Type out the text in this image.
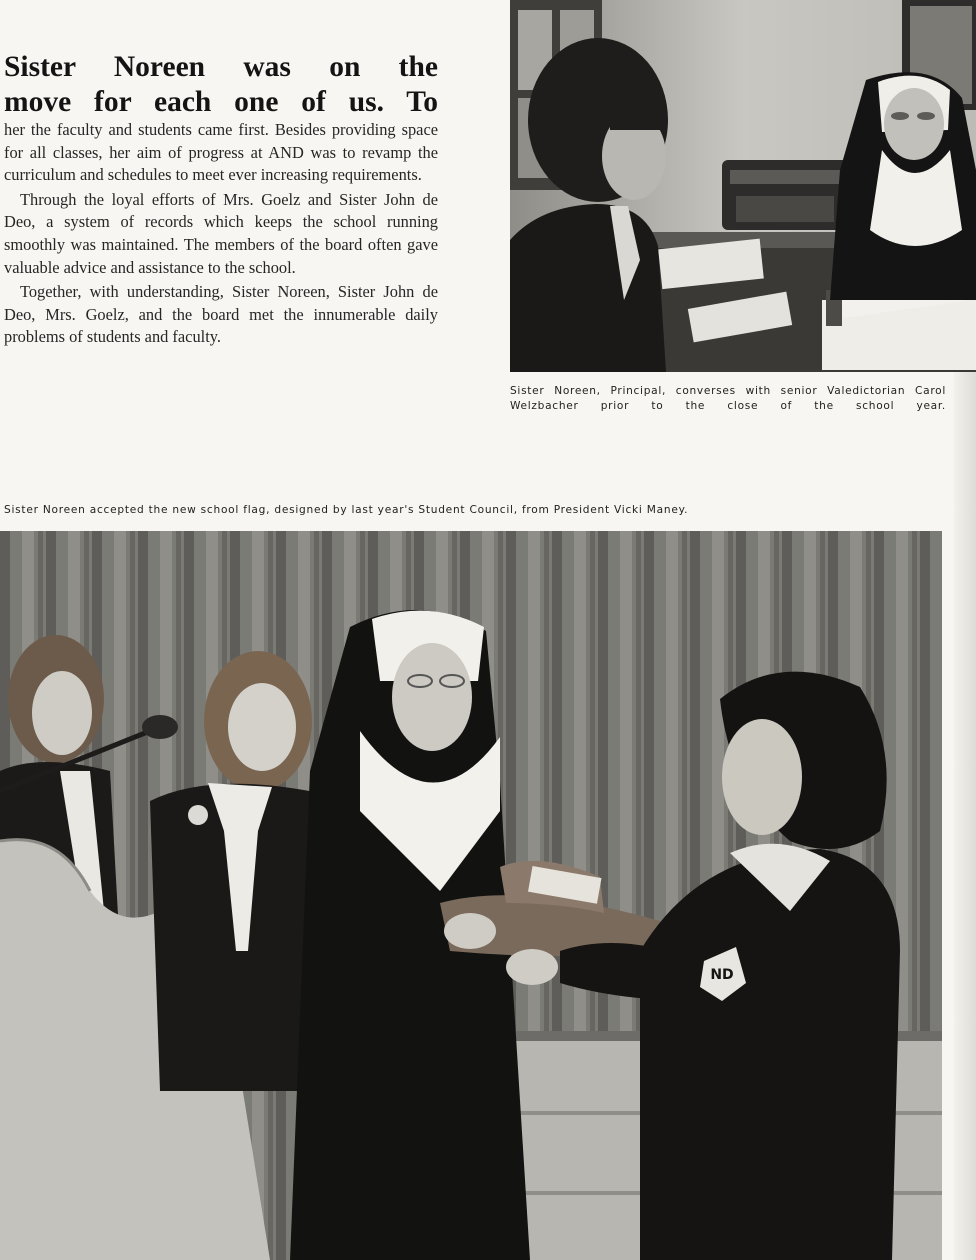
Sister Noreen was on the
move for each one of us. To

her the faculty and students came first. Besides providing space for all classes, her aim of progress at AND was to revamp the curriculum and schedules to meet ever increasing requirements.

Through the loyal efforts of Mrs. Goelz and Sister John de Deo, a system of records which keeps the school running smoothly was maintained. The members of the board often gave valuable advice and assistance to the school.

Together, with understanding, Sister Noreen, Sister John de Deo, Mrs. Goelz, and the board met the innumerable daily problems of students and faculty.

Sister Noreen, Principal, converses with senior Valedictorian Carol Welzbacher prior to the close of the school year.
Sister Noreen accepted the new school flag, designed by last year's Student Council, from President Vicki Maney.
ND
